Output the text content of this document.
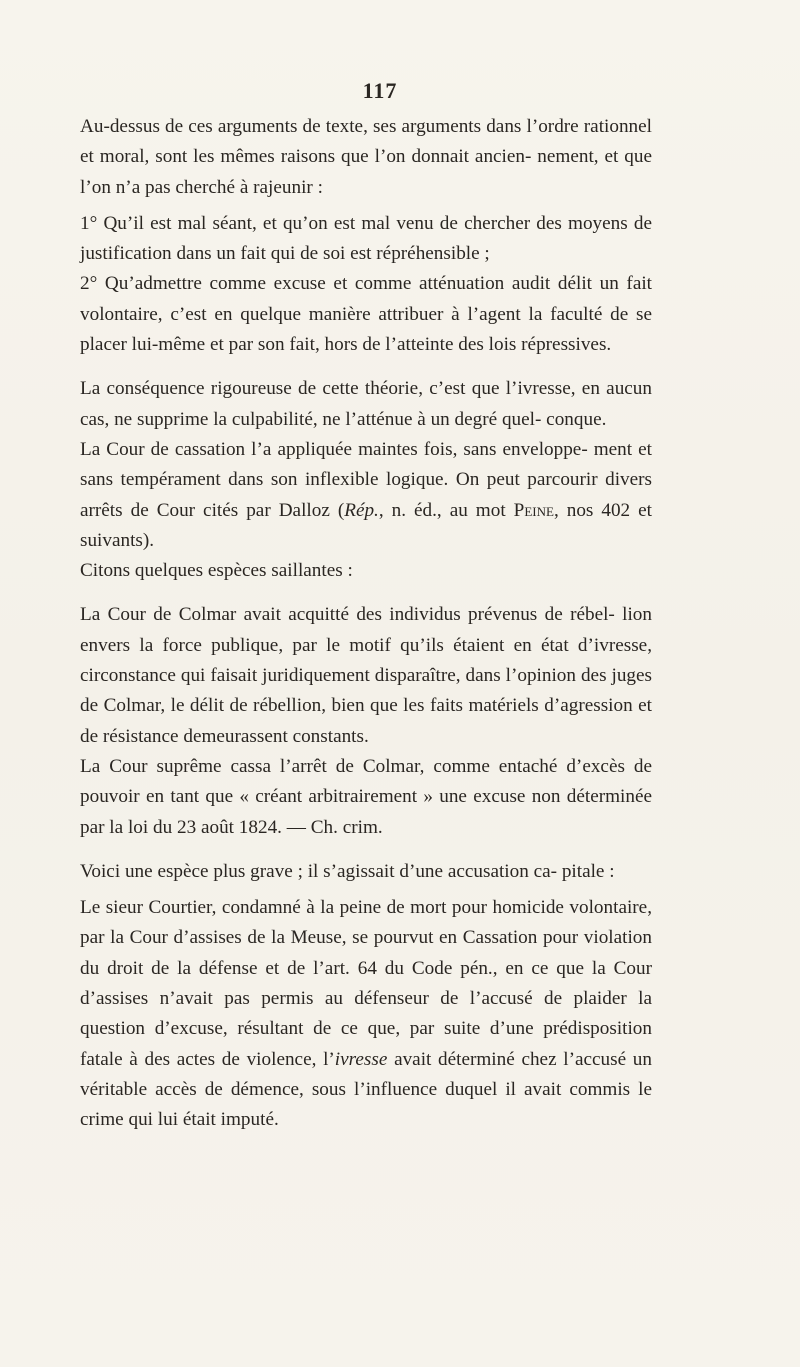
117

Au-dessus de ces arguments de texte, ses arguments dans l’ordre rationnel et moral, sont les mêmes raisons que l’on donnait ancien- nement, et que l’on n’a pas cherché à rajeunir :

1° Qu’il est mal séant, et qu’on est mal venu de chercher des moyens de justification dans un fait qui de soi est répréhensible ;

2° Qu’admettre comme excuse et comme atténuation audit délit un fait volontaire, c’est en quelque manière attribuer à l’agent la faculté de se placer lui-même et par son fait, hors de l’atteinte des lois répressives.

La conséquence rigoureuse de cette théorie, c’est que l’ivresse, en aucun cas, ne supprime la culpabilité, ne l’atténue à un degré quel- conque.

La Cour de cassation l’a appliquée maintes fois, sans enveloppe- ment et sans tempérament dans son inflexible logique. On peut parcourir divers arrêts de Cour cités par Dalloz (Rép., n. éd., au mot Peine, nos 402 et suivants).

Citons quelques espèces saillantes :

La Cour de Colmar avait acquitté des individus prévenus de rébel- lion envers la force publique, par le motif qu’ils étaient en état d’ivresse, circonstance qui faisait juridiquement disparaître, dans l’opinion des juges de Colmar, le délit de rébellion, bien que les faits matériels d’agression et de résistance demeurassent constants.

La Cour suprême cassa l’arrêt de Colmar, comme entaché d’excès de pouvoir en tant que « créant arbitrairement » une excuse non déterminée par la loi du 23 août 1824. — Ch. crim.

Voici une espèce plus grave ; il s’agissait d’une accusation ca- pitale :

Le sieur Courtier, condamné à la peine de mort pour homicide volontaire, par la Cour d’assises de la Meuse, se pourvut en Cassation pour violation du droit de la défense et de l’art. 64 du Code pén., en ce que la Cour d’assises n’avait pas permis au défenseur de l’accusé de plaider la question d’excuse, résultant de ce que, par suite d’une prédisposition fatale à des actes de violence, l’ivresse avait déterminé chez l’accusé un véritable accès de démence, sous l’influence duquel il avait commis le crime qui lui était imputé.
